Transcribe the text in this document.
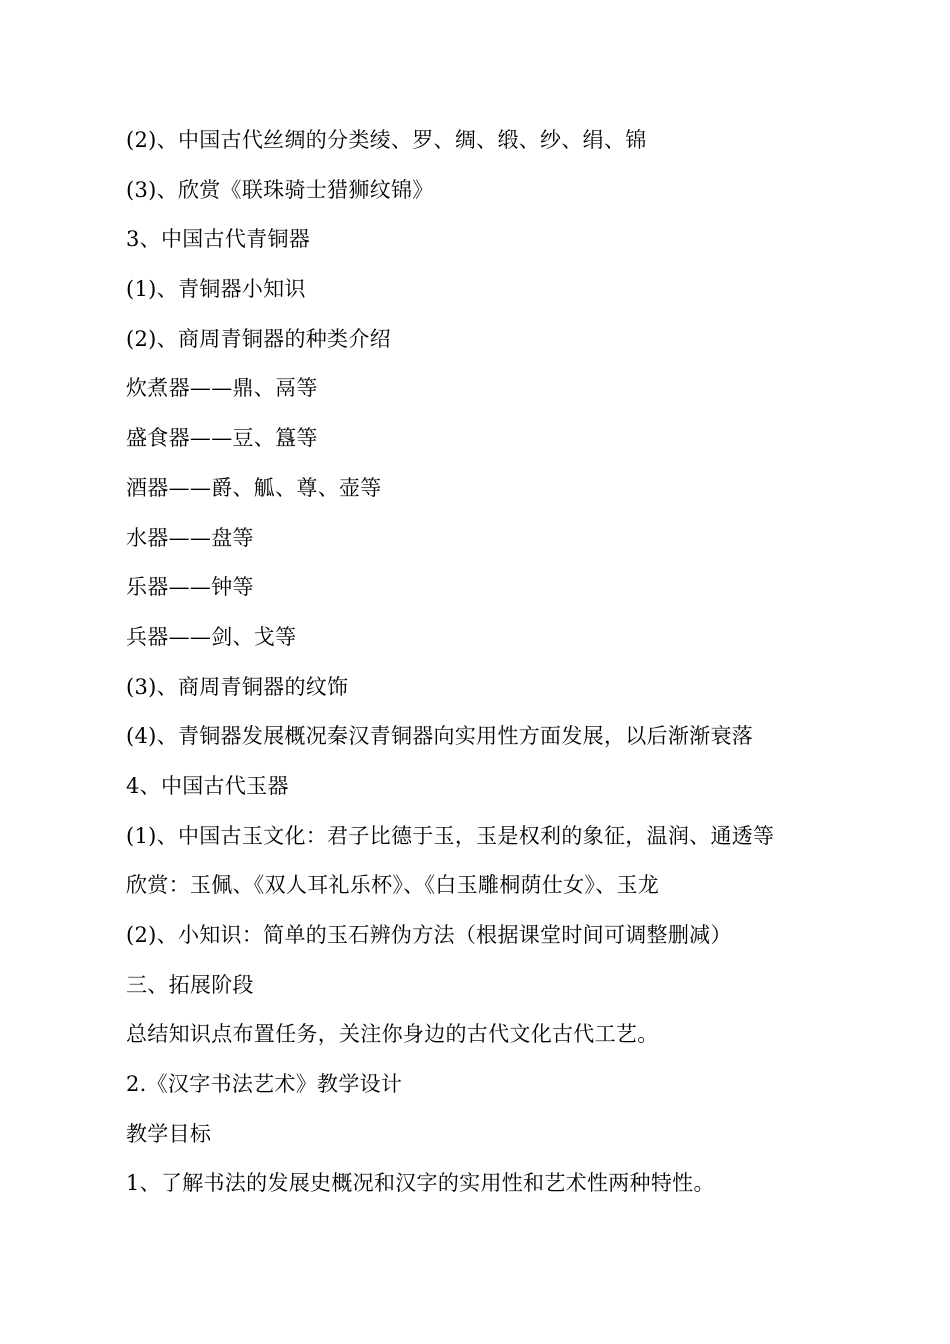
(2)、中国古代丝绸的分类绫、罗、绸、缎、纱、绢、锦
(3)、欣赏《联珠骑士猎狮纹锦》
3、中国古代青铜器
(1)、青铜器小知识
(2)、商周青铜器的种类介绍
炊煮器——鼎、鬲等
盛食器——豆、簋等
酒器——爵、觚、尊、壶等
水器——盘等
乐器——钟等
兵器——剑、戈等
(3)、商周青铜器的纹饰
(4)、青铜器发展概况秦汉青铜器向实用性方面发展，以后渐渐衰落
4、中国古代玉器
(1)、中国古玉文化：君子比德于玉，玉是权利的象征，温润、通透等
欣赏：玉佩、《双人耳礼乐杯》、《白玉雕桐荫仕女》、玉龙
(2)、小知识：简单的玉石辨伪方法（根据课堂时间可调整删减）
三、拓展阶段
总结知识点布置任务，关注你身边的古代文化古代工艺。
2.《汉字书法艺术》教学设计
教学目标
1、了解书法的发展史概况和汉字的实用性和艺术性两种特性。
